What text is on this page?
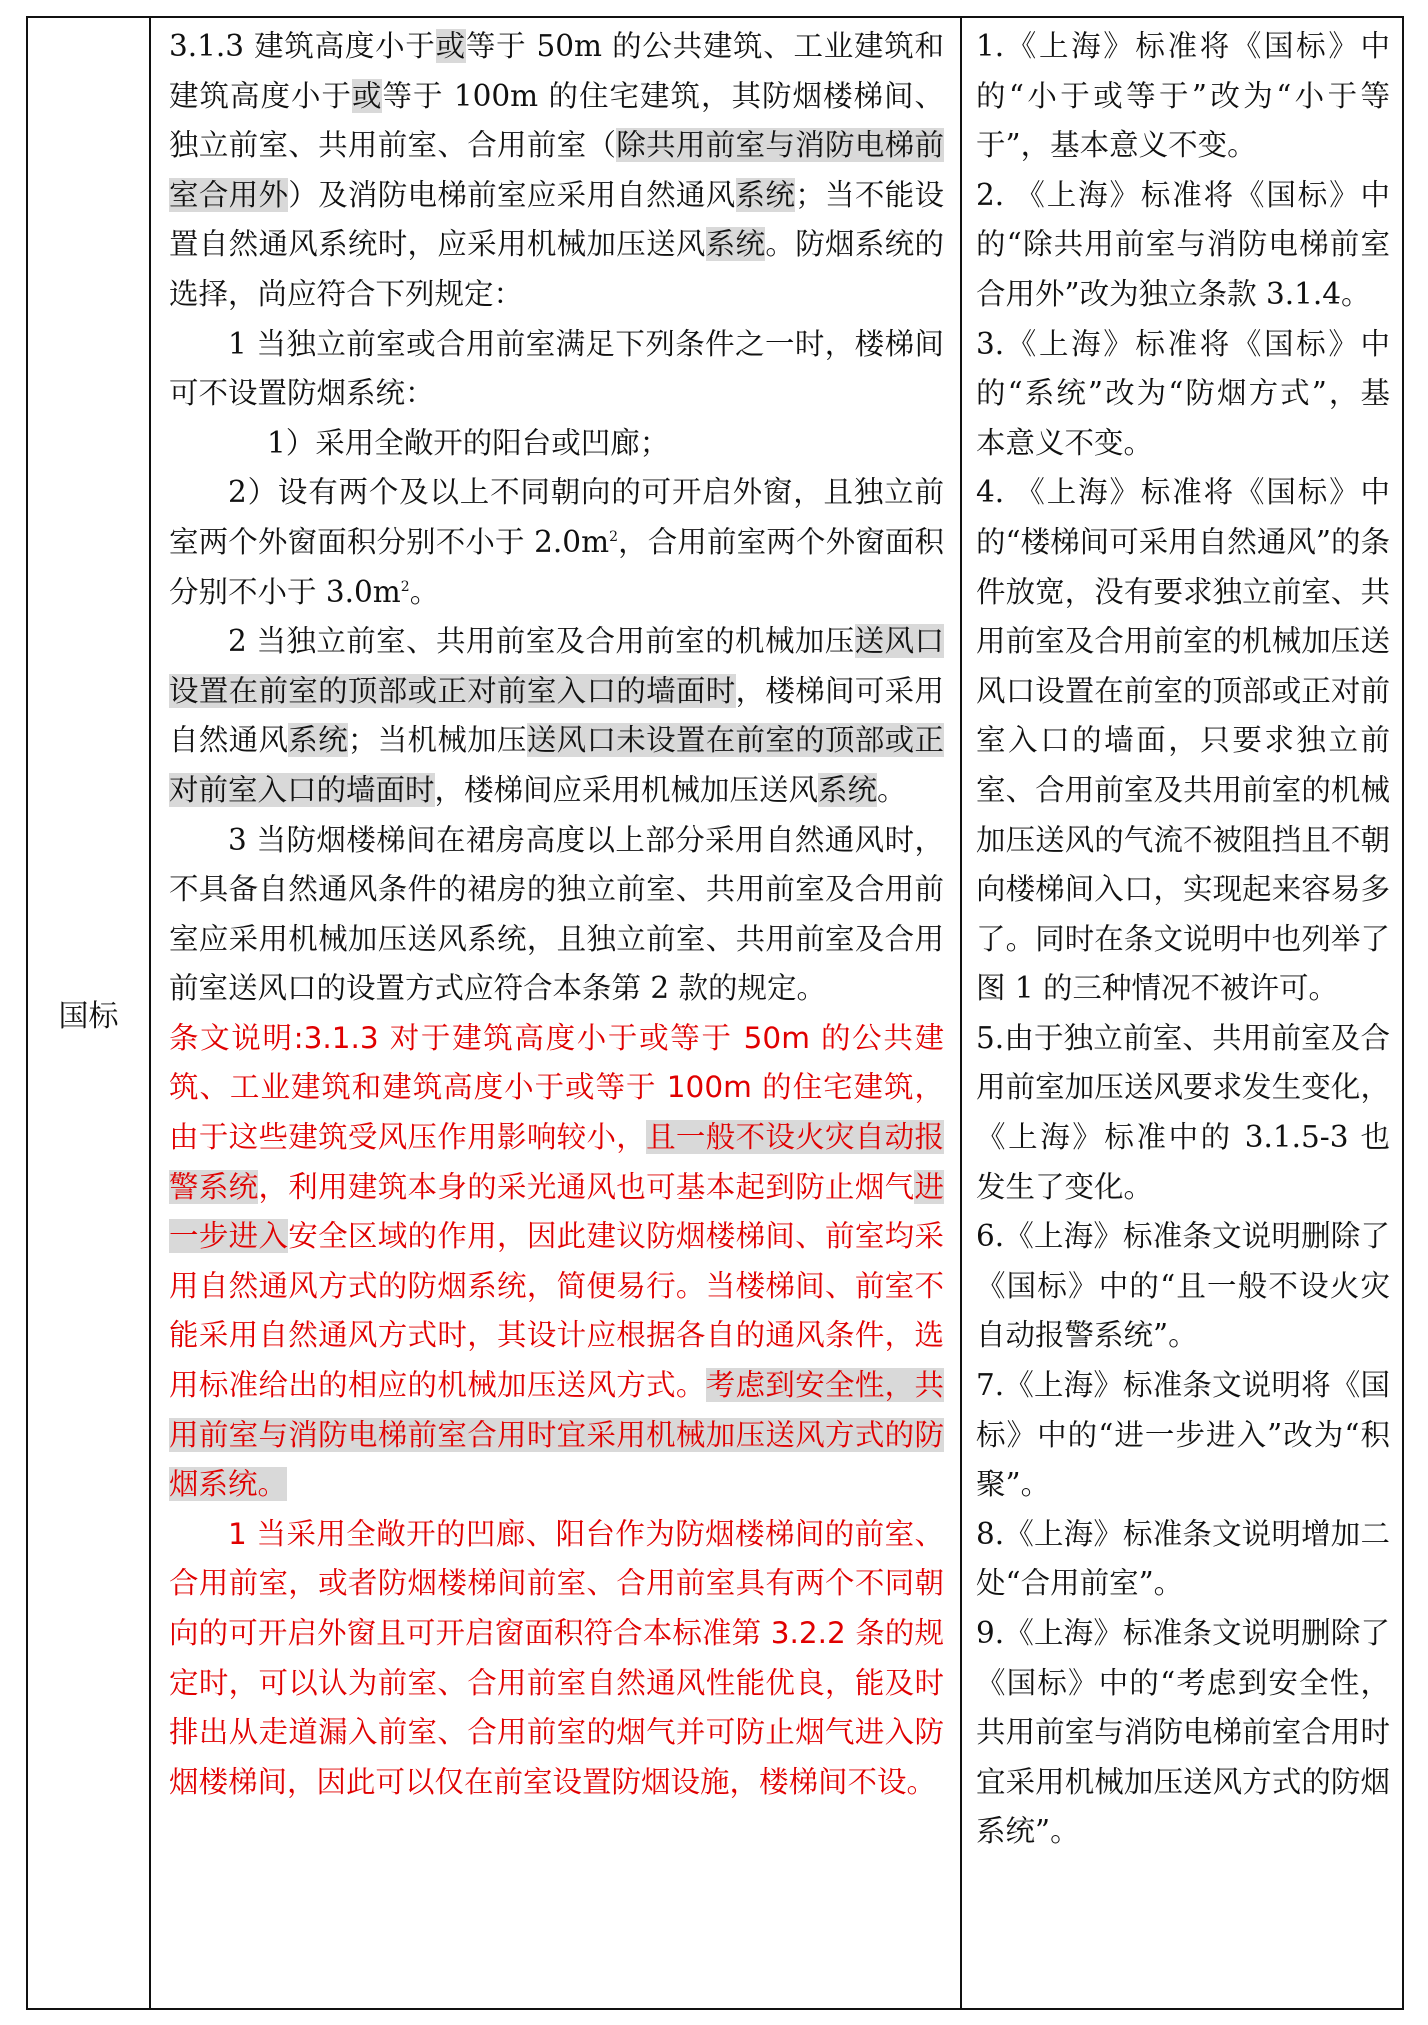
国标

3.1.3 建筑高度小于或等于 50m 的公共建筑、工业建筑和建筑高度小于或等于 100m 的住宅建筑，其防烟楼梯间、独立前室、共用前室、合用前室（除共用前室与消防电梯前室合用外）及消防电梯前室应采用自然通风系统；当不能设置自然通风系统时，应采用机械加压送风系统。防烟系统的选择，尚应符合下列规定：

1 当独立前室或合用前室满足下列条件之一时，楼梯间可不设置防烟系统：

1）采用全敞开的阳台或凹廊；

2）设有两个及以上不同朝向的可开启外窗，且独立前室两个外窗面积分别不小于 $2.0m^2$，合用前室两个外窗面积分别不小于 $3.0m^2$。

2 当独立前室、共用前室及合用前室的机械加压送风口设置在前室的顶部或正对前室入口的墙面时，楼梯间可采用自然通风系统；当机械加压送风口未设置在前室的顶部或正对前室入口的墙面时，楼梯间应采用机械加压送风系统。

3 当防烟楼梯间在裙房高度以上部分采用自然通风时，不具备自然通风条件的裙房的独立前室、共用前室及合用前室应采用机械加压送风系统，且独立前室、共用前室及合用前室送风口的设置方式应符合本条第 2 款的规定。

条文说明:3.1.3 对于建筑高度小于或等于 50m 的公共建筑、工业建筑和建筑高度小于或等于 100m 的住宅建筑，由于这些建筑受风压作用影响较小，且一般不设火灾自动报警系统，利用建筑本身的采光通风也可基本起到防止烟气进一步进入安全区域的作用，因此建议防烟楼梯间、前室均采用自然通风方式的防烟系统，简便易行。当楼梯间、前室不能采用自然通风方式时，其设计应根据各自的通风条件，选用标准给出的相应的机械加压送风方式。考虑到安全性，共用前室与消防电梯前室合用时宜采用机械加压送风方式的防烟系统。

1 当采用全敞开的凹廊、阳台作为防烟楼梯间的前室、合用前室，或者防烟楼梯间前室、合用前室具有两个不同朝向的可开启外窗且可开启窗面积符合本标准第 3.2.2 条的规定时，可以认为前室、合用前室自然通风性能优良，能及时排出从走道漏入前室、合用前室的烟气并可防止烟气进入防烟楼梯间，因此可以仅在前室设置防烟设施，楼梯间不设。

1.《上海》标准将《国标》中的“小于或等于”改为“小于等于”，基本意义不变。

2. 《上海》标准将《国标》中的“除共用前室与消防电梯前室合用外”改为独立条款 3.1.4。

3.《上海》标准将《国标》中的“系统”改为“防烟方式”，基本意义不变。

4. 《上海》标准将《国标》中的“楼梯间可采用自然通风”的条件放宽，没有要求独立前室、共用前室及合用前室的机械加压送风口设置在前室的顶部或正对前室入口的墙面，只要求独立前室、合用前室及共用前室的机械加压送风的气流不被阻挡且不朝向楼梯间入口，实现起来容易多了。同时在条文说明中也列举了图 1 的三种情况不被许可。

5.由于独立前室、共用前室及合用前室加压送风要求发生变化，《上海》标准中的 3.1.5-3 也发生了变化。

6.《上海》标准条文说明删除了《国标》中的“且一般不设火灾自动报警系统”。

7.《上海》标准条文说明将《国标》中的“进一步进入”改为“积聚”。

8.《上海》标准条文说明增加二处“合用前室”。

9.《上海》标准条文说明删除了《国标》中的“考虑到安全性，共用前室与消防电梯前室合用时宜采用机械加压送风方式的防烟系统”。
